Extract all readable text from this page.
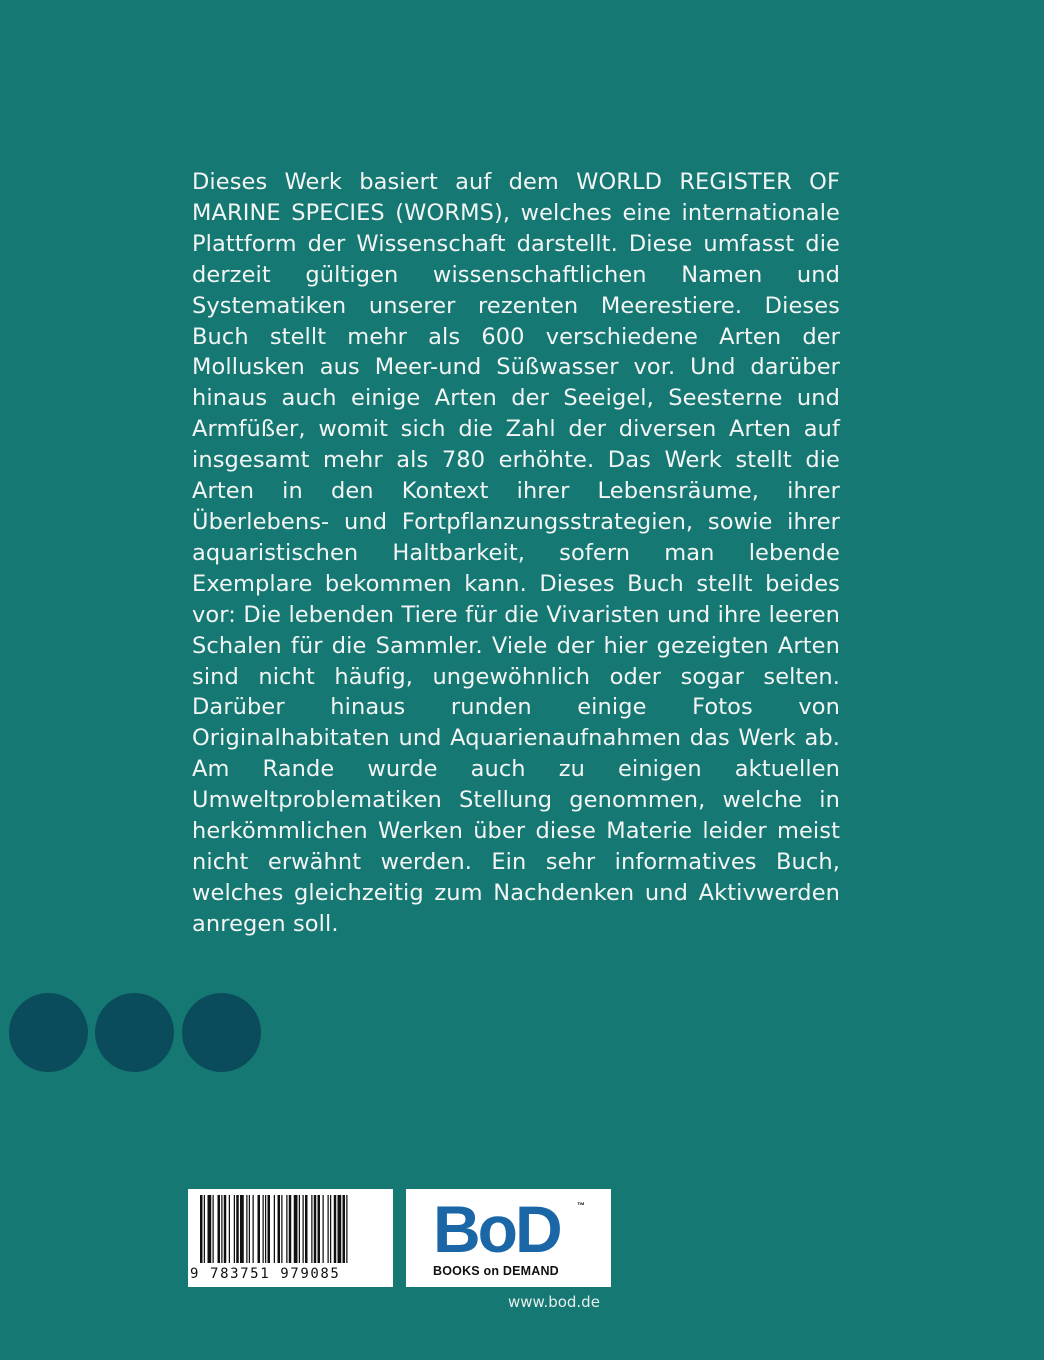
Dieses Werk basiert auf dem WORLD REGISTER OF MARINE SPECIES (WORMS), welches eine internationale Plattform der Wissenschaft darstellt. Diese umfasst die derzeit gültigen wissenschaftlichen Namen und Systematiken unserer rezenten Meerestiere. Dieses Buch stellt mehr als 600 verschiedene Arten der Mollusken aus Meer-und Süßwasser vor. Und darüber hinaus auch einige Arten der Seeigel, Seesterne und Armfüßer, womit sich die Zahl der diversen Arten auf insgesamt mehr als 780 erhöhte. Das Werk stellt die Arten in den Kontext ihrer Lebensräume, ihrer Überlebens- und Fortpflanzungsstrategien, sowie ihrer aquaristischen Haltbarkeit, sofern man lebende Exemplare bekommen kann. Dieses Buch stellt beides vor: Die lebenden Tiere für die Vivaristen und ihre leeren Schalen für die Sammler. Viele der hier gezeigten Arten sind nicht häufig, ungewöhnlich oder sogar selten. Darüber hinaus runden einige Fotos von Originalhabitaten und Aquarienaufnahmen das Werk ab. Am Rande wurde auch zu einigen aktuellen Umweltproblematiken Stellung genommen, welche in herkömmlichen Werken über diese Materie leider meist nicht erwähnt werden. Ein sehr informatives Buch, welches gleichzeitig zum Nachdenken und Aktivwerden anregen soll.

9 783751 979085
BoD ™
BOOKS on DEMAND
www.bod.de
